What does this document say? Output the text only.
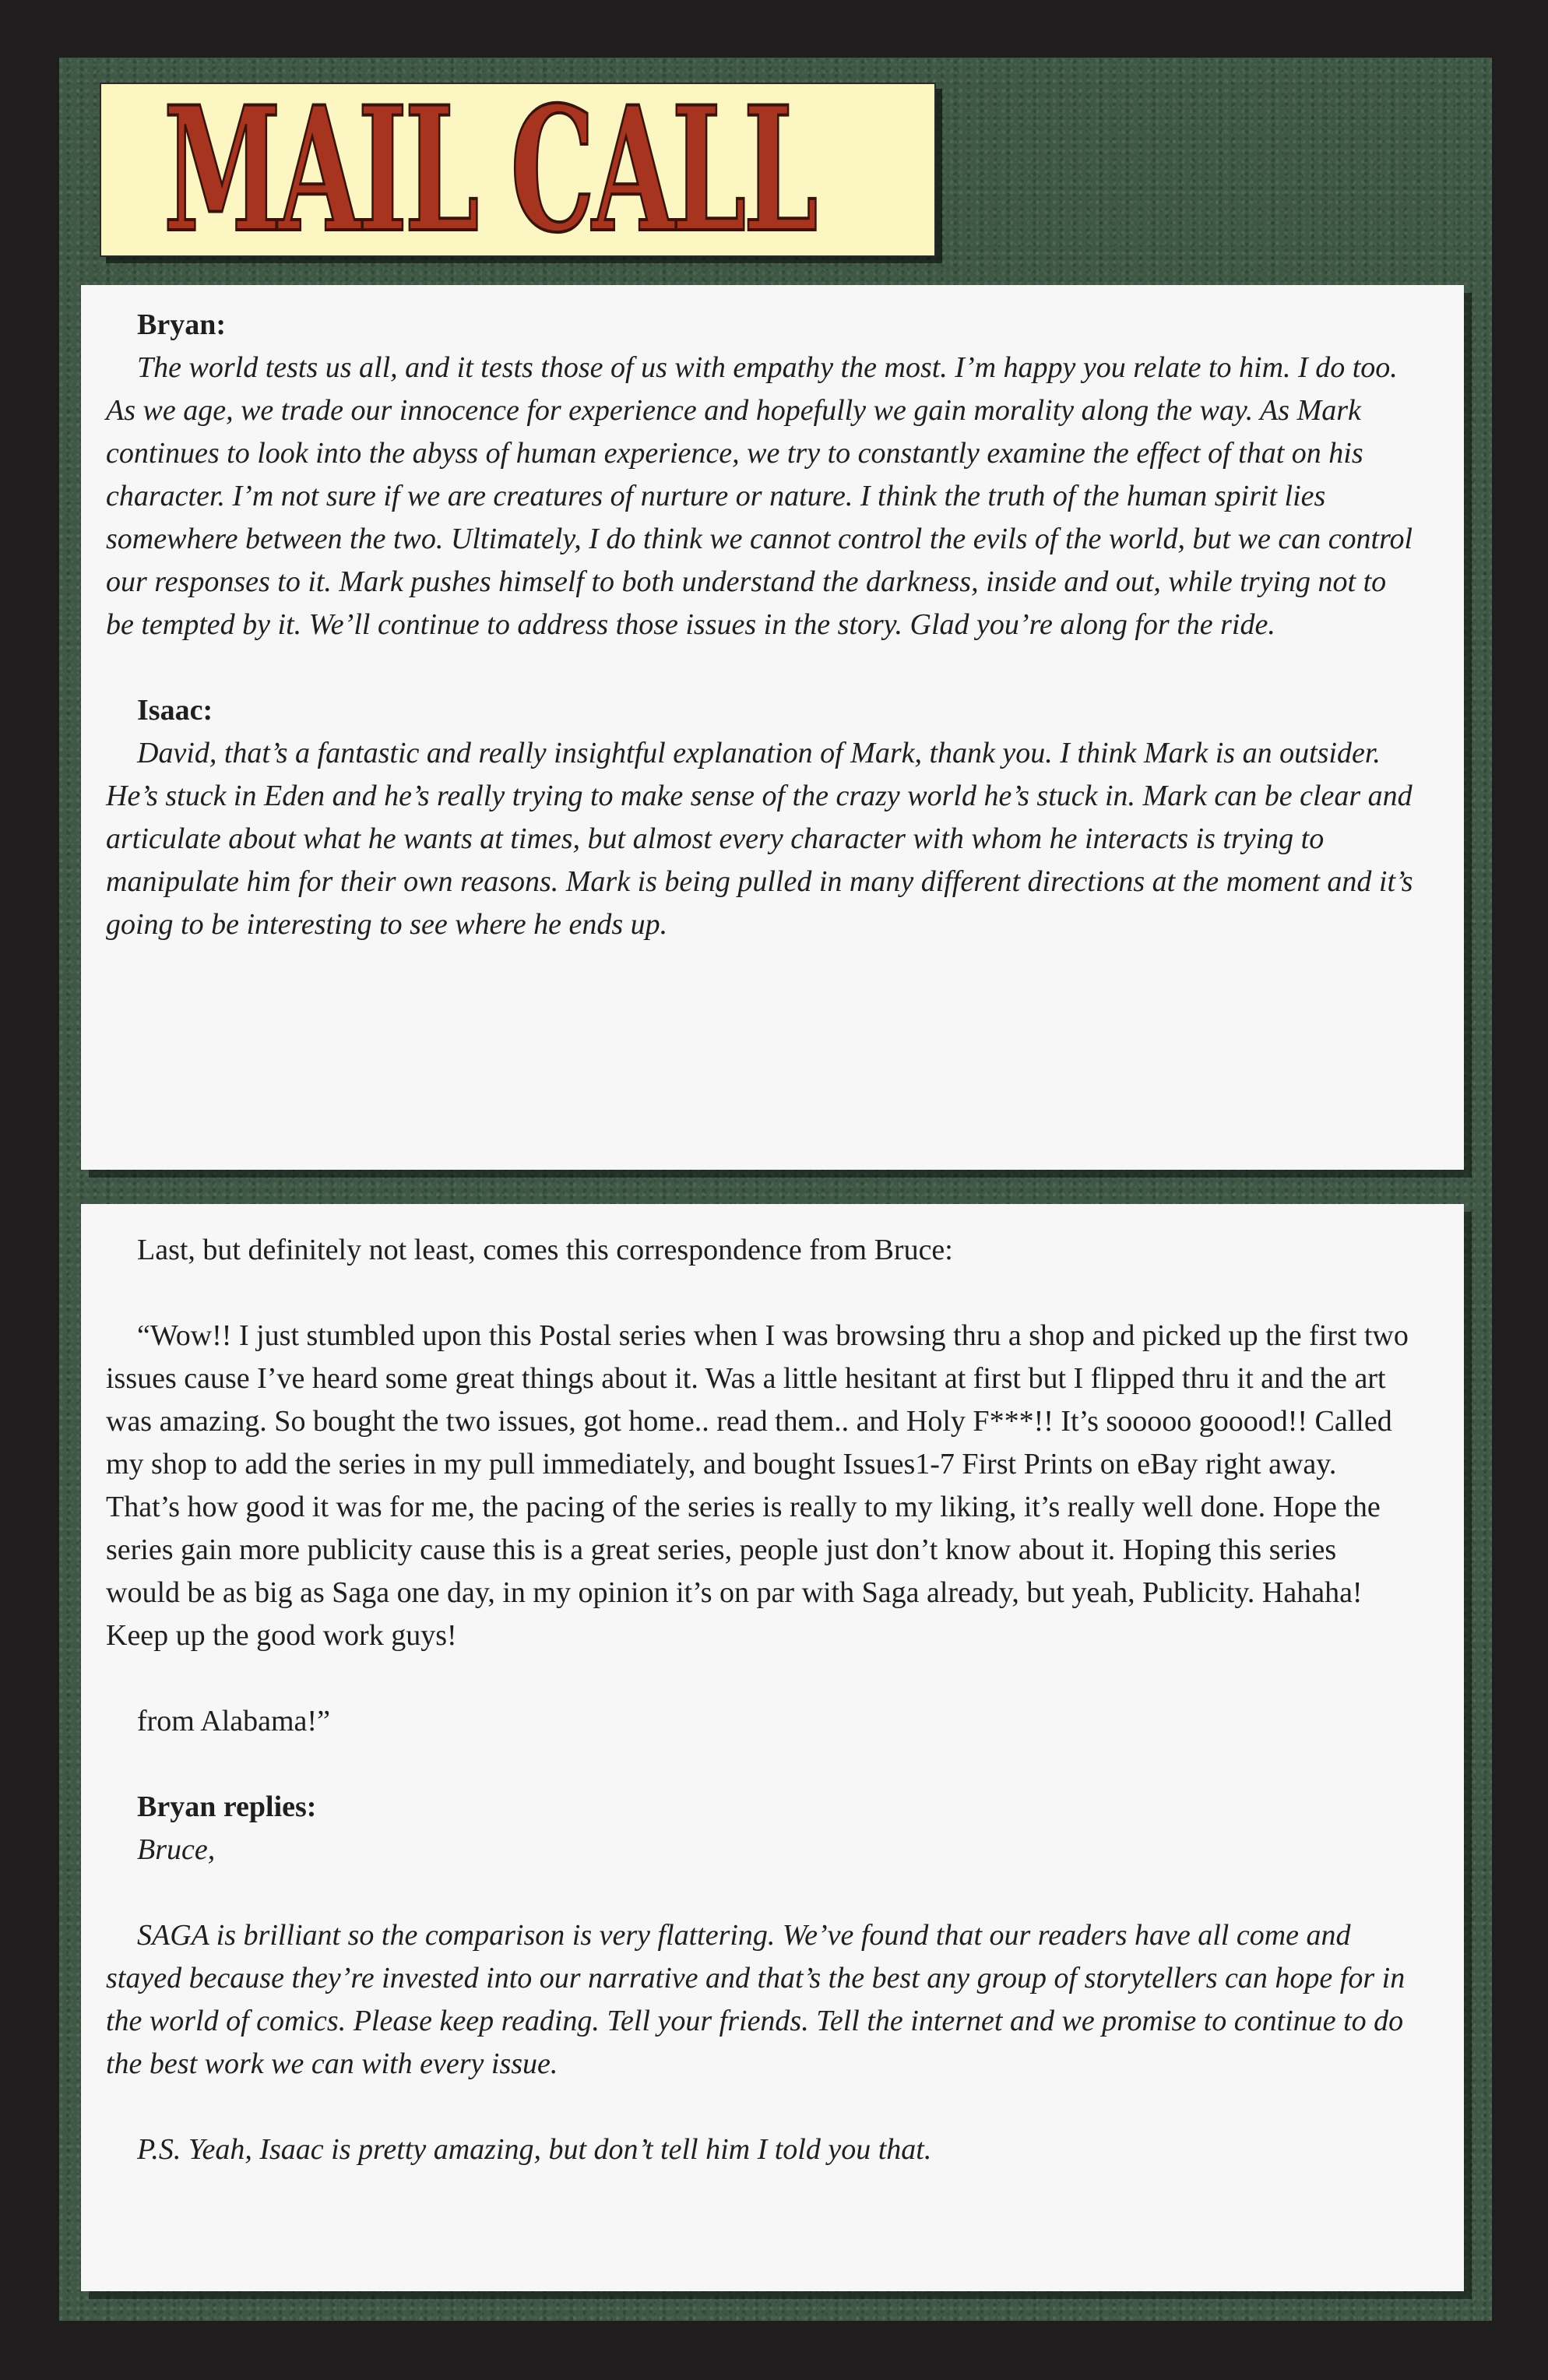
MAIL CALL

Bryan:

The world tests us all, and it tests those of us with empathy the most. I’m happy you relate to him. I do too. As we age, we trade our innocence for experience and hopefully we gain morality along the way. As Mark continues to look into the abyss of human experience, we try to constantly examine the effect of that on his character. I’m not sure if we are creatures of nurture or nature. I think the truth of the human spirit lies somewhere between the two. Ultimately, I do think we cannot control the evils of the world, but we can control our responses to it. Mark pushes himself to both understand the darkness, inside and out, while trying not to be tempted by it. We’ll continue to address those issues in the story. Glad you’re along for the ride.

Isaac:

David, that’s a fantastic and really insightful explanation of Mark, thank you. I think Mark is an outsider. He’s stuck in Eden and he’s really trying to make sense of the crazy world he’s stuck in. Mark can be clear and articulate about what he wants at times, but almost every character with whom he interacts is trying to manipulate him for their own reasons. Mark is being pulled in many different directions at the moment and it’s going to be interesting to see where he ends up.

Last, but definitely not least, comes this correspondence from Bruce:

“Wow!! I just stumbled upon this Postal series when I was browsing thru a shop and picked up the first two issues cause I’ve heard some great things about it. Was a little hesitant at first but I flipped thru it and the art was amazing. So bought the two issues, got home.. read them.. and Holy F***!! It’s sooooo gooood!! Called my shop to add the series in my pull immediately, and bought Issues1-7 First Prints on eBay right away. That’s how good it was for me, the pacing of the series is really to my liking, it’s really well done. Hope the series gain more publicity cause this is a great series, people just don’t know about it. Hoping this series would be as big as Saga one day, in my opinion it’s on par with Saga already, but yeah, Publicity. Hahaha! Keep up the good work guys!

from Alabama!”

Bryan replies:

Bruce,

SAGA is brilliant so the comparison is very flattering. We’ve found that our readers have all come and stayed because they’re invested into our narrative and that’s the best any group of storytellers can hope for in the world of comics. Please keep reading. Tell your friends. Tell the internet and we promise to continue to do the best work we can with every issue.

P.S. Yeah, Isaac is pretty amazing, but don’t tell him I told you that.
